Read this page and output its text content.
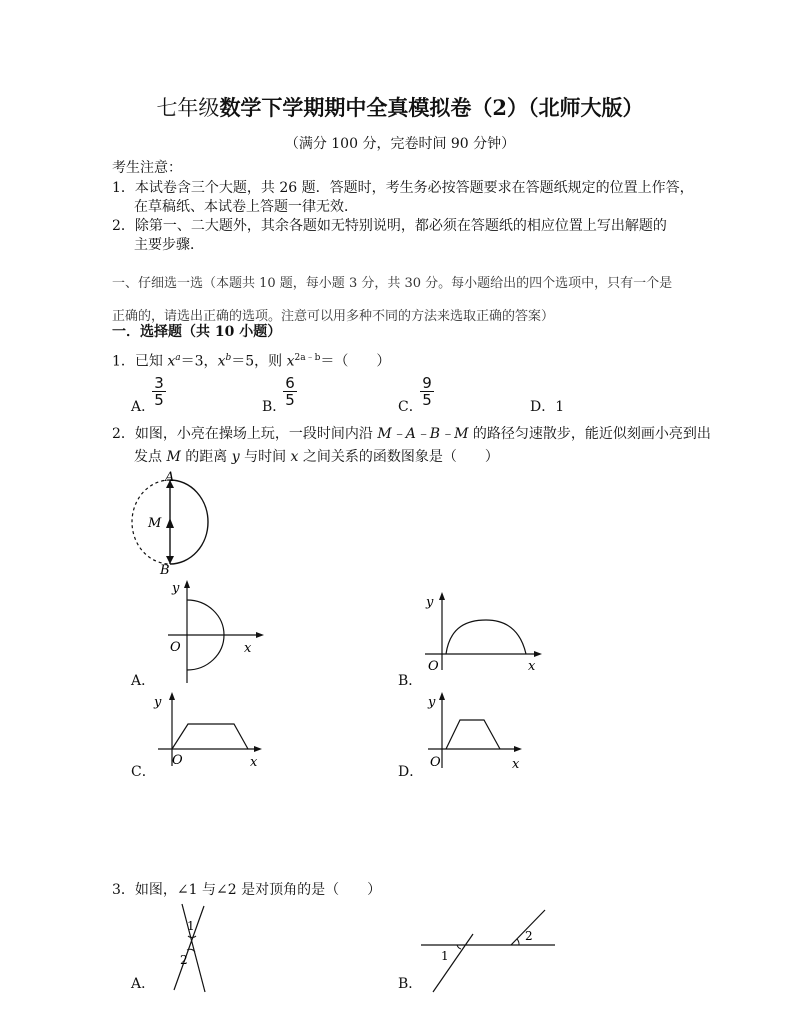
七年级数学下学期期中全真模拟卷（2）（北师大版）
（满分 100 分，完卷时间 90 分钟）
考生注意：
1．本试卷含三个大题，共 26 题．答题时，考生务必按答题要求在答题纸规定的位置上作答，
在草稿纸、本试卷上答题一律无效．
2．除第一、二大题外，其余各题如无特别说明，都必须在答题纸的相应位置上写出解题的
主要步骤．
一、仔细选一选（本题共 10 题，每小题 3 分，共 30 分。每小题给出的四个选项中，只有一个是
正确的，请选出正确的选项。注意可以用多种不同的方法来选取正确的答案）
一．选择题（共 10 小题）
1．已知 $x^a=3$，$x^b=5$，则 $x^{2a﹣b}=$（　　）
A．
3
5	B．
6
5	C．
9
5	D．1
2．如图，小亮在操场上玩，一段时间内沿 M﹣A﹣B﹣M 的路径匀速散步，能近似刻画小亮到出
发点 M 的距离 y 与时间 x 之间关系的函数图象是（　　）
A
M
B
y
O	x
A．
y
O	x
B．
y
O	x
C．
y
O	x
D．
3．如图，∠1 与∠2 是对顶角的是（　　）
1
2
A．
1
2
B．
